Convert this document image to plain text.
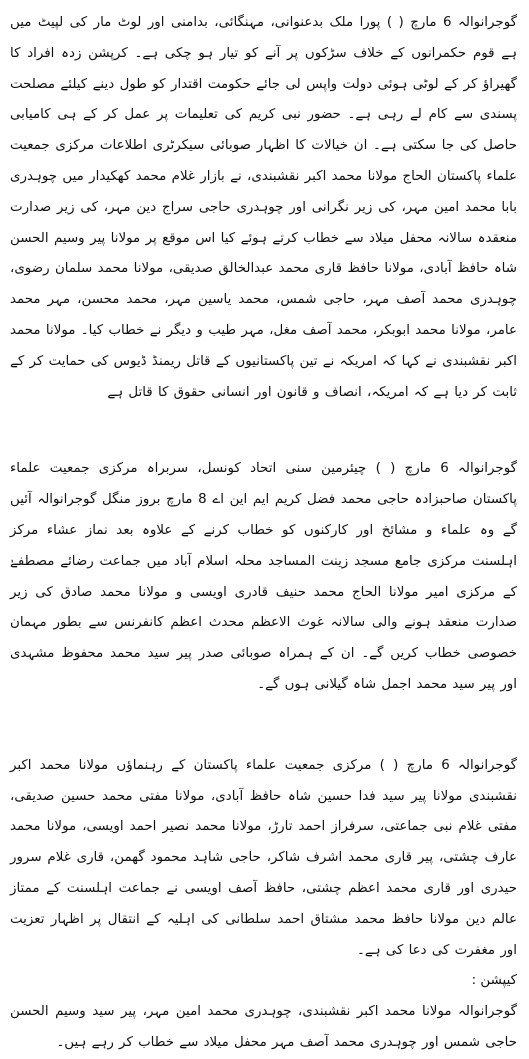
گوجرانوالہ 6 مارچ ( ) پورا ملک بدعنوانی، مہنگائی، بدامنی اور لوٹ مار کی لپیٹ میں ہے قوم حکمرانوں کے خلاف سڑکوں پر آنے کو تیار ہو چکی ہے۔ کرپشن زدہ افراد کا گھیراؤ کر کے لوٹی ہوئی دولت واپس لی جائے حکومت اقتدار کو طول دینے کیلئے مصلحت پسندی سے کام لے رہی ہے۔ حضور نبی کریم کی تعلیمات پر عمل کر کے ہی کامیابی حاصل کی جا سکتی ہے۔ ان خیالات کا اظہار صوبائی سیکرٹری اطلاعات مرکزی جمعیت علماء پاکستان الحاج مولانا محمد اکبر نقشبندی، نے بازار غلام محمد کھکیدار میں چوہدری بابا محمد امین مہر، کی زیر نگرانی اور چوہدری حاجی سراج دین مہر، کی زیر صدارت منعقدہ سالانہ محفل میلاد سے خطاب کرتے ہوئے کیا اس موقع پر مولانا پیر وسیم الحسن شاہ حافظ آبادی، مولانا حافظ قاری محمد عبدالخالق صدیقی، مولانا محمد سلمان رضوی، چوہدری محمد آصف مہر، حاجی شمس، محمد یاسین مہر، محمد محسن، مہر محمد عامر، مولانا محمد ابوبکر، محمد آصف مغل، مہر طیب و دیگر نے خطاب کیا۔ مولانا محمد اکبر نقشبندی نے کہا کہ امریکہ نے تین پاکستانیوں کے قاتل ریمنڈ ڈیوس کی حمایت کر کے ثابت کر دیا ہے کہ امریکہ، انصاف و قانون اور انسانی حقوق کا قاتل ہے

گوجرانوالہ 6 مارچ ( ) چیئرمین سنی اتحاد کونسل، سربراہ مرکزی جمعیت علماء پاکستان صاحبزادہ حاجی محمد فضل کریم ایم این اے 8 مارچ بروز منگل گوجرانوالہ آئیں گے وہ علماء و مشائخ اور کارکنوں کو خطاب کرنے کے علاوہ بعد نماز عشاء مرکز اہلسنت مرکزی جامع مسجد زینت المساجد محلہ اسلام آباد میں جماعت رضائے مصطفےٰ کے مرکزی امیر مولانا الحاج محمد حنیف قادری اویسی و مولانا محمد صادق کی زیر صدارت منعقد ہونے والی سالانہ غوث الاعظم محدث اعظم کانفرنس سے بطور مہمان خصوصی خطاب کریں گے۔ ان کے ہمراہ صوبائی صدر پیر سید محمد محفوظ مشہدی اور پیر سید محمد اجمل شاہ گیلانی ہوں گے۔

گوجرانوالہ 6 مارچ ( ) مرکزی جمعیت علماء پاکستان کے رہنماؤں مولانا محمد اکبر نقشبندی مولانا پیر سید فدا حسین شاہ حافظ آبادی، مولانا مفتی محمد حسین صدیقی، مفتی غلام نبی جماعتی، سرفراز احمد تارڑ، مولانا محمد نصیر احمد اویسی، مولانا محمد عارف چشتی، پیر قاری محمد اشرف شاکر، حاجی شاہد محمود گھمن، قاری غلام سرور حیدری اور قاری محمد اعظم چشتی، حافظ آصف اویسی نے جماعت اہلسنت کے ممتاز عالم دین مولانا حافظ محمد مشتاق احمد سلطانی کی اہلیہ کے انتقال پر اظہار تعزیت اور مغفرت کی دعا کی ہے۔

کیپشن :

گوجرانوالہ مولانا محمد اکبر نقشبندی، چوہدری محمد امین مہر، پیر سید وسیم الحسن حاجی شمس اور چوہدری محمد آصف مہر محفل میلاد سے خطاب کر رہے ہیں۔
